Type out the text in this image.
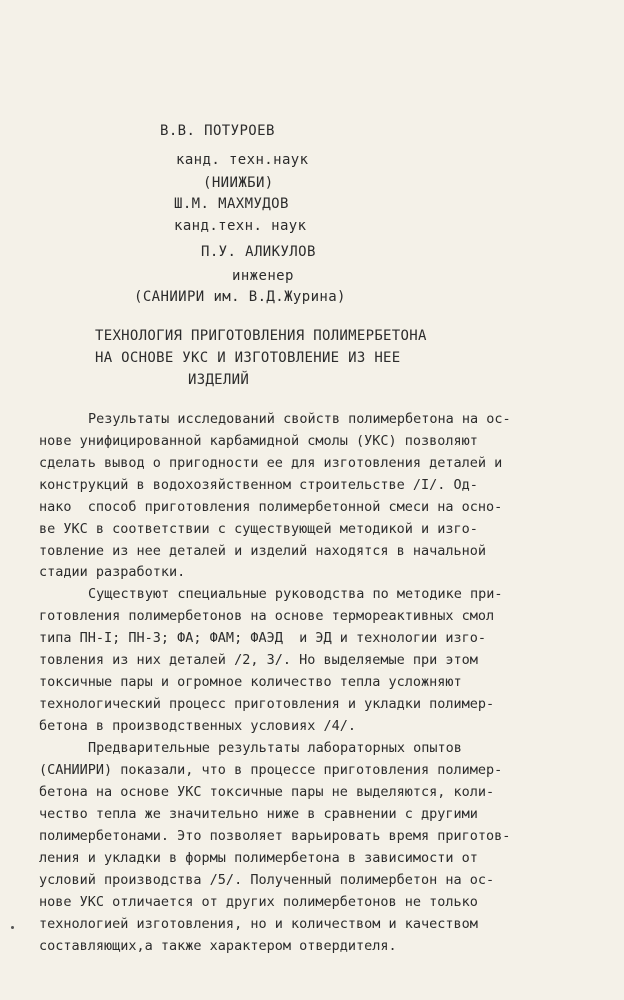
В.В. ПОТУРОЕВ
канд. техн.наук
(НИИЖБИ)
Ш.М. МАХМУДОВ
канд.техн. наук
П.У. АЛИКУЛОВ
инженер
(САНИИРИ им. В.Д.Журина)
ТЕХНОЛОГИЯ ПРИГОТОВЛЕНИЯ ПОЛИМЕРБЕТОНА
НА ОСНОВЕ УКС И ИЗГОТОВЛЕНИЕ ИЗ НЕЕ
ИЗДЕЛИЙ
Результаты исследований свойств полимербетона на ос-
нове унифицированной карбамидной смолы (УКС) позволяют
сделать вывод о пригодности ее для изготовления деталей и
конструкций в водохозяйственном строительстве /I/. Од-
нако  способ приготовления полимербетонной смеси на осно-
ве УКС в соответствии с существующей методикой и изго-
товление из нее деталей и изделий находятся в начальной
стадии разработки.
Существуют специальные руководства по методике при-
готовления полимербетонов на основе термореактивных смол
типа ПН-I; ПН-3; ФА; ФАМ; ФАЭД  и ЭД и технологии изго-
товления из них деталей /2, 3/. Но выделяемые при этом
токсичные пары и огромное количество тепла усложняют
технологический процесс приготовления и укладки полимер-
бетона в производственных условиях /4/.
Предварительные результаты лабораторных опытов
(САНИИРИ) показали, что в процессе приготовления полимер-
бетона на основе УКС токсичные пары не выделяются, коли-
чество тепла же значительно ниже в сравнении с другими
полимербетонами. Это позволяет варьировать время приготов-
ления и укладки в формы полимербетона в зависимости от
условий производства /5/. Полученный полимербетон на ос-
нове УКС отличается от других полимербетонов не только
технологией изготовления, но и количеством и качеством
составляющих,а также характером отвердителя.
